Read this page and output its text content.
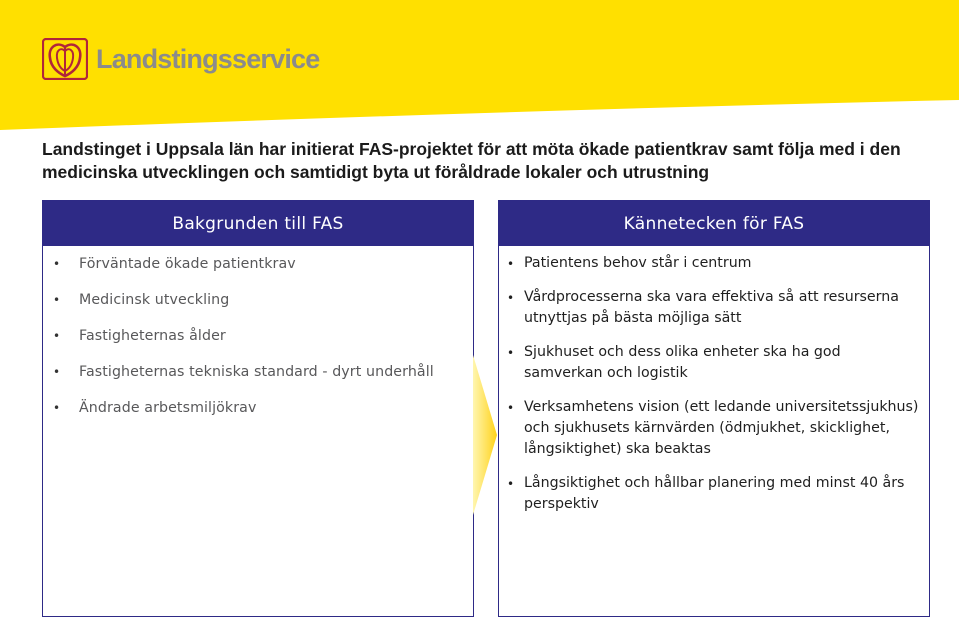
Landstingsservice
Landstinget i Uppsala län har initierat FAS-projektet för att möta ökade patientkrav samt följa med i den medicinska utvecklingen och samtidigt byta ut föråldrade lokaler och utrustning
Bakgrunden till FAS
• Förväntade ökade patientkrav
• Medicinsk utveckling
• Fastigheternas ålder
• Fastigheternas tekniska standard - dyrt underhåll
• Ändrade arbetsmiljökrav
Kännetecken för FAS
• Patientens behov står i centrum
• Vårdprocesserna ska vara effektiva så att resurserna utnyttjas på bästa möjliga sätt
• Sjukhuset och dess olika enheter ska ha god samverkan och logistik
• Verksamhetens vision (ett ledande universitetssjukhus) och sjukhusets kärnvärden (ödmjukhet, skicklighet, långsiktighet) ska beaktas
• Långsiktighet och hållbar planering med minst 40 års perspektiv
